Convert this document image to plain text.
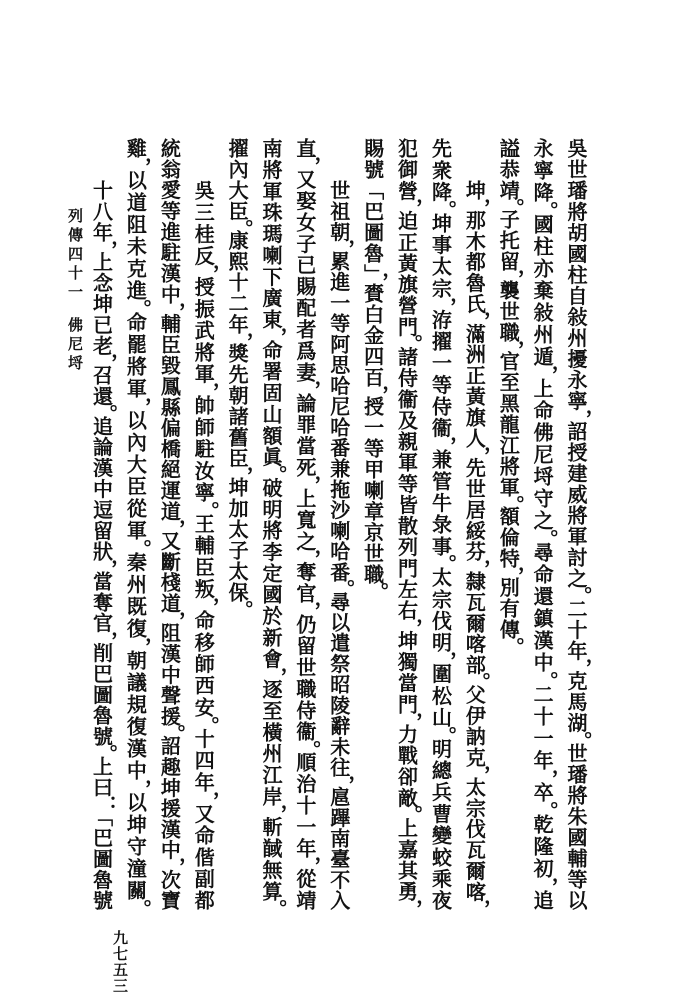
列傳四十一佛尼埒	吳世璠將胡國柱自敍州擾永寧，詔授建威將軍討之。二十年，克馬湖。世璠將朱國輔等以
永寧降。國柱亦棄敍州遁，上命佛尼埒守之。尋命還鎮漢中。二十一年，卒。乾隆初，追
謚恭靖。子托留，襲世職，官至黑龍江將軍。額倫特，別有傳。
坤，那木都魯氏，滿洲正黃旗人，先世居綏芬，隸瓦爾喀部。父伊訥克，太宗伐瓦爾喀，
先衆降。坤事太宗，洊擢一等侍衞，兼管牛彔事。太宗伐明，圍松山。明總兵曹變蛟乘夜
犯御營，迫正黃旗營門。諸侍衞及親軍等皆散列門左右，坤獨當門，力戰卻敵。上嘉其勇，
賜號「巴圖魯」，賚白金四百，授一等甲喇章京世職。
世祖朝，累進一等阿思哈尼哈番兼拖沙喇哈番。尋以遣祭昭陵辭未往，扈蹕南臺不入
直，又娶女子已賜配者爲妻，論罪當死，上寬之，奪官，仍留世職侍衞。順治十一年，從靖
南將軍珠瑪喇下廣東，命署固山額眞。破明將李定國於新會，逐至橫州江岸，斬馘無算。
擢內大臣。康熙十二年，獎先朝諸舊臣，坤加太子太保。
吳三桂反，授振武將軍，帥師駐汝寧。王輔臣叛，命移師西安。十四年，又命偕副都
統翁愛等進駐漢中，輔臣毀鳳縣偏橋絕運道，又斷棧道，阻漢中聲援。詔趣坤援漢中，次寶
雞，以道阻未克進。命罷將軍，以內大臣從軍。秦州既復，朝議規復漢中，以坤守潼關。
十八年，上念坤已老，召還。追論漢中逗留狀，當奪官，削巴圖魯號。上曰：「巴圖魯號
九七五三
